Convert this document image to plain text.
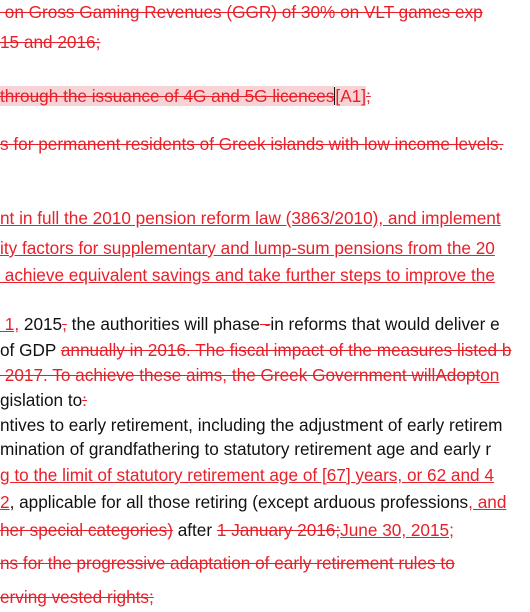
on Gross Gaming Revenues (GGR) of 30% on VLT games exp
15 and 2016;
through the issuance of 4G and 5G licences[A1];
s for permanent residents of Greek islands with low income levels.
nt in full the 2010 pension reform law (3863/2010), and implement
ity factors for supplementary and lump-sum pensions from the 20
achieve equivalent savings and take further steps to improve the
1, 2015, the authorities will phase -in reforms that would deliver e
of GDP annually in 2016. The fiscal impact of the measures listed b
2017. To achieve these aims, the Greek Government willAdopton
gislation to:
ntives to early retirement, including the adjustment of early retirem
mination of grandfathering to statutory retirement age and early r
g to the limit of statutory retirement age of [67] years, or 62 and 4
2, applicable for all those retiring (except arduous professions, and
her special categories) after 1 January 2016;June 30, 2015;
ns for the progressive adaptation of early retirement rules to
erving vested rights;
